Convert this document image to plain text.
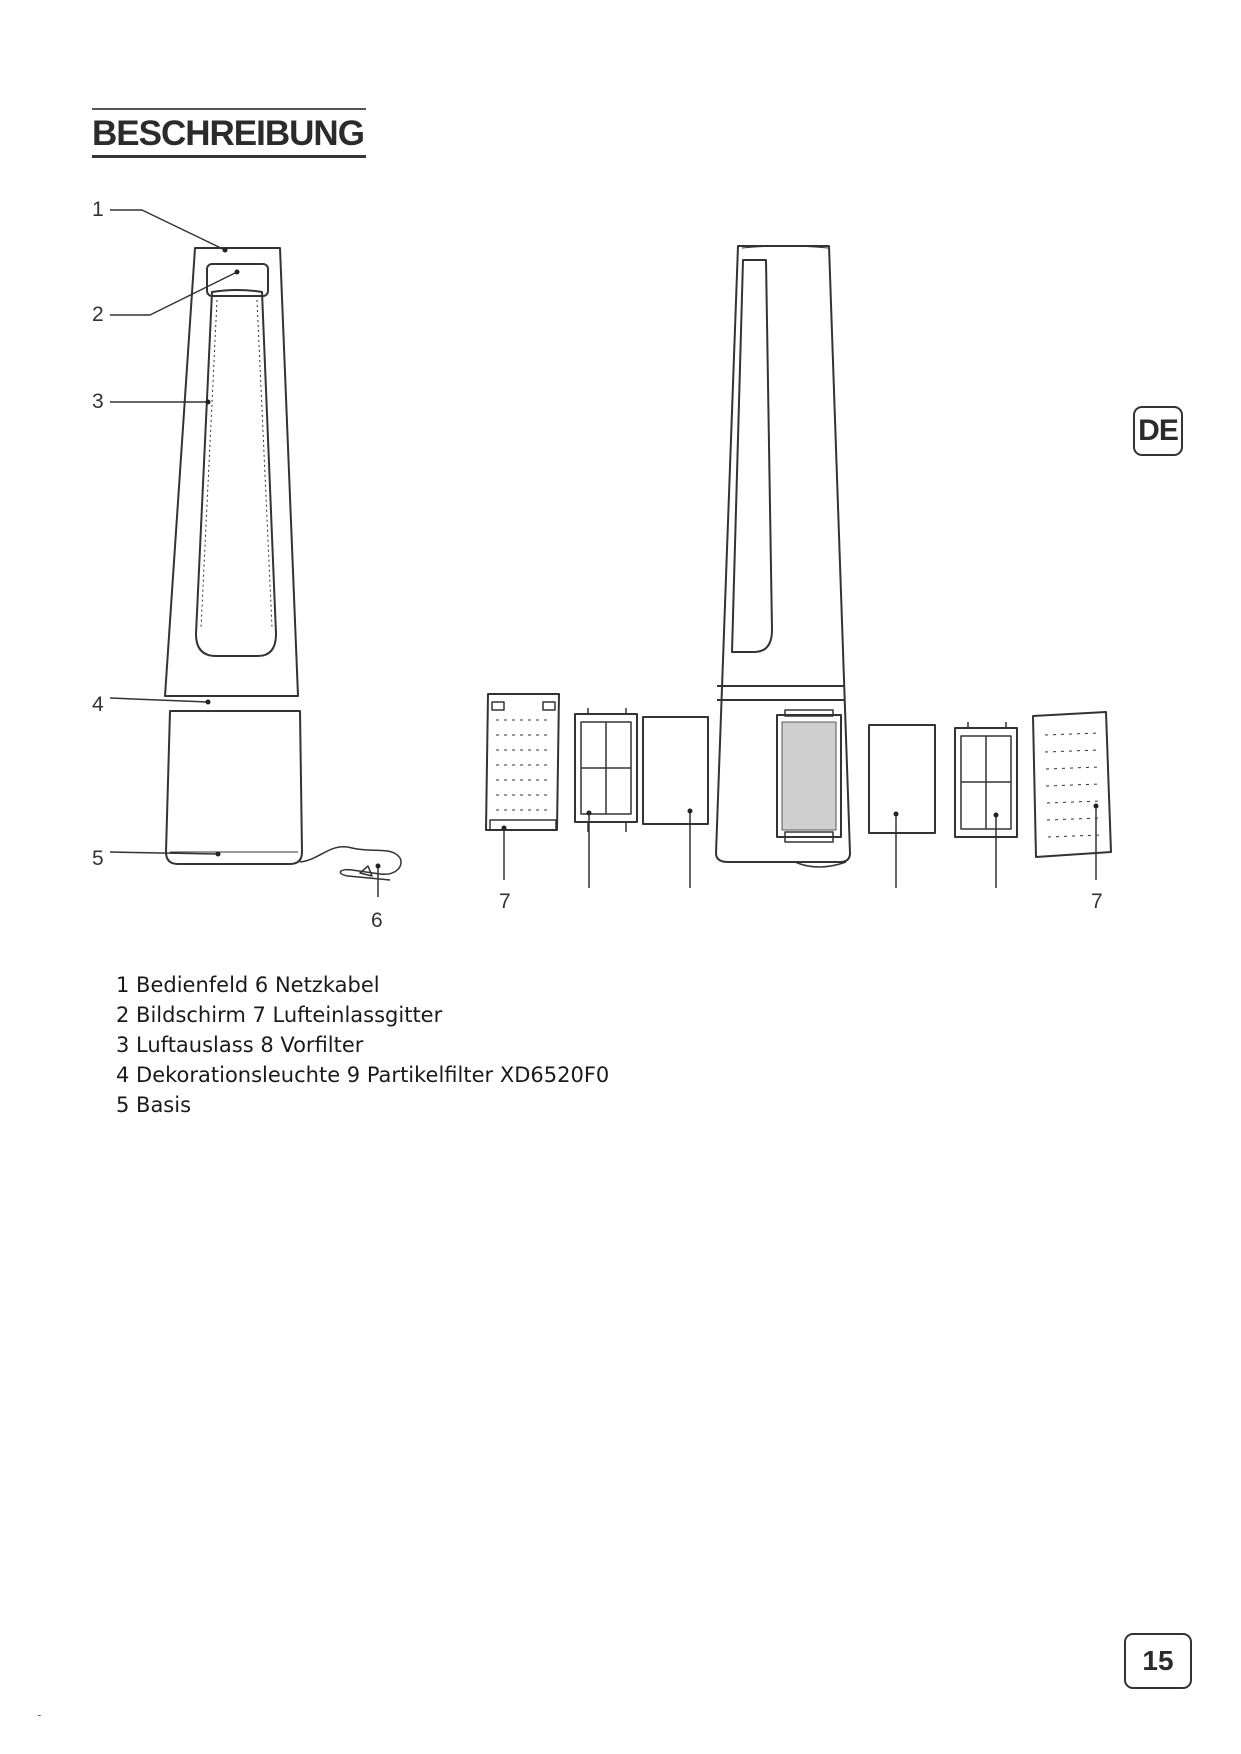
BESCHREIBUNG
DE
1
2
3
4
5
6
7	7
1 Bedienfeld 6 Netzkabel
2 Bildschirm 7 Lufteinlassgitter
3 Luftauslass 8 Vorfilter
4 Dekorationsleuchte 9 Partikelfilter XD6520F0
5 Basis
15
-
